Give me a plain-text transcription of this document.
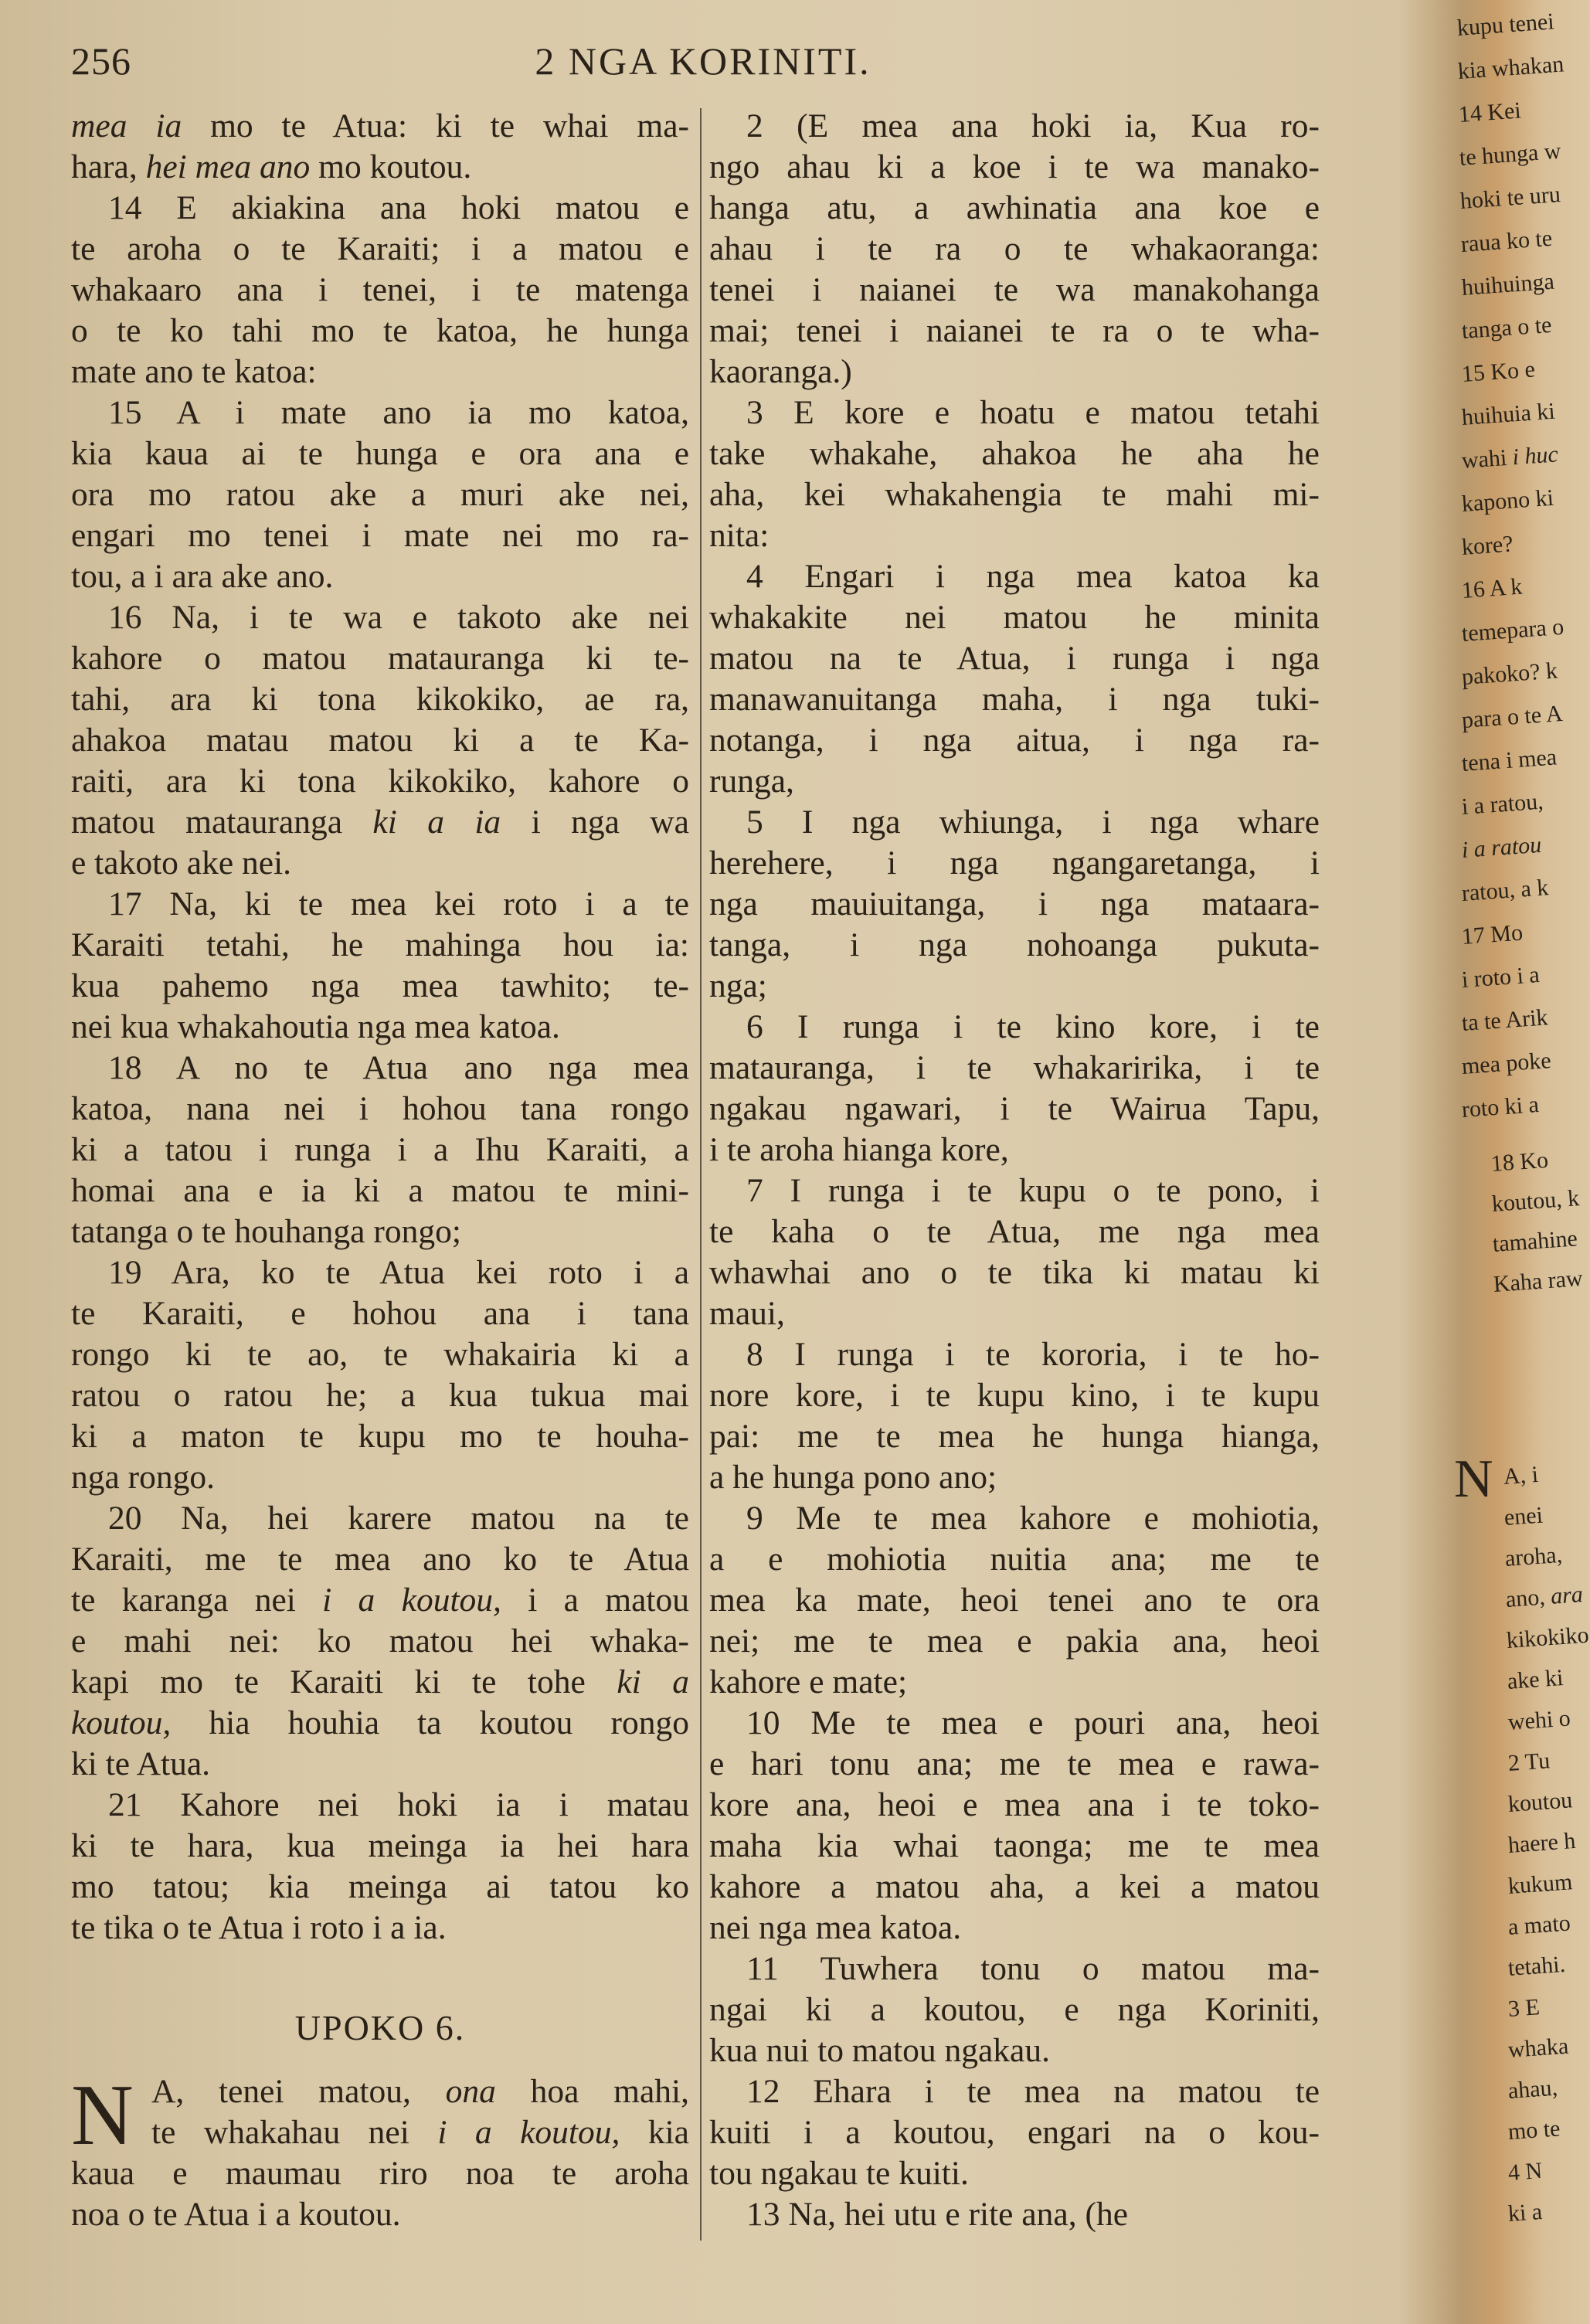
256	2 NGA KORINITI.
mea ia mo te Atua: ki te whai ma-
hara, hei mea ano mo koutou.
14 E akiakina ana hoki matou e
te aroha o te Karaiti; i a matou e
whakaaro ana i tenei, i te matenga
o te ko tahi mo te katoa, he hunga
mate ano te katoa:
15 A i mate ano ia mo katoa,
kia kaua ai te hunga e ora ana e
ora mo ratou ake a muri ake nei,
engari mo tenei i mate nei mo ra-
tou, a i ara ake ano.
16 Na, i te wa e takoto ake nei
kahore o matou matauranga ki te-
tahi, ara ki tona kikokiko, ae ra,
ahakoa matau matou ki a te Ka-
raiti, ara ki tona kikokiko, kahore o
matou matauranga ki a ia i nga wa
e takoto ake nei.
17 Na, ki te mea kei roto i a te
Karaiti tetahi, he mahinga hou ia:
kua pahemo nga mea tawhito; te-
nei kua whakahoutia nga mea katoa.
18 A no te Atua ano nga mea
katoa, nana nei i hohou tana rongo
ki a tatou i runga i a Ihu Karaiti, a
homai ana e ia ki a matou te mini-
tatanga o te houhanga rongo;
19 Ara, ko te Atua kei roto i a
te Karaiti, e hohou ana i tana
rongo ki te ao, te whakairia ki a
ratou o ratou he; a kua tukua mai
ki a maton te kupu mo te houha-
nga rongo.
20 Na, hei karere matou na te
Karaiti, me te mea ano ko te Atua
te karanga nei i a koutou, i a matou
e mahi nei: ko matou hei whaka-
kapi mo te Karaiti ki te tohe ki a
koutou, hia houhia ta koutou rongo
ki te Atua.
21 Kahore nei hoki ia i matau
ki te hara, kua meinga ia hei hara
mo tatou; kia meinga ai tatou ko
te tika o te Atua i roto i a ia.
A, tenei matou, ona hoa mahi,
te whakahau nei i a koutou, kia
kaua e maumau riro noa te aroha
noa o te Atua i a koutou.
2 (E mea ana hoki ia, Kua ro-
ngo ahau ki a koe i te wa manako-
hanga atu, a awhinatia ana koe e
ahau i te ra o te whakaoranga:
tenei i naianei te wa manakohanga
mai; tenei i naianei te ra o te wha-
kaoranga.)
3 E kore e hoatu e matou tetahi
take whakahe, ahakoa he aha he
aha, kei whakahengia te mahi mi-
nita:
4 Engari i nga mea katoa ka
whakakite nei matou he minita
matou na te Atua, i runga i nga
manawanuitanga maha, i nga tuki-
notanga, i nga aitua, i nga ra-
runga,
5 I nga whiunga, i nga whare
herehere, i nga ngangaretanga, i
nga mauiuitanga, i nga mataara-
tanga, i nga nohoanga pukuta-
nga;
6 I runga i te kino kore, i te
matauranga, i te whakaririka, i te
ngakau ngawari, i te Wairua Tapu,
i te aroha hianga kore,
7 I runga i te kupu o te pono, i
te kaha o te Atua, me nga mea
whawhai ano o te tika ki matau ki
maui,
8 I runga i te kororia, i te ho-
nore kore, i te kupu kino, i te kupu
pai: me te mea he hunga hianga,
a he hunga pono ano;
9 Me te mea kahore e mohiotia,
a e mohiotia nuitia ana; me te
mea ka mate, heoi tenei ano te ora
nei; me te mea e pakia ana, heoi
kahore e mate;
10 Me te mea e pouri ana, heoi
e hari tonu ana; me te mea e rawa-
kore ana, heoi e mea ana i te toko-
maha kia whai taonga; me te mea
kahore a matou aha, a kei a matou
nei nga mea katoa.
11 Tuwhera tonu o matou ma-
ngai ki a koutou, e nga Koriniti,
kua nui to matou ngakau.
12 Ehara i te mea na matou te
kuiti i a koutou, engari na o kou-
tou ngakau te kuiti.
13 Na, hei utu e rite ana, (he
UPOKO 6.
N
N
kupu tenei
kia whakan
14 Kei
te hunga w
hoki te uru
raua ko te
huihuinga
tanga o te
15 Ko e
huihuia ki
wahi i huc
kapono ki
kore?
16 A k
temepara o
pakoko? k
para o te A
tena i mea
i a ratou,
i a ratou
ratou, a k
17 Mo
i roto i a
ta te Arik
mea poke
roto ki a
18 Ko
koutou, k
tamahine
Kaha raw
A, i
enei
aroha,
ano, ara
kikokiko
ake ki
wehi o
2 Tu
koutou
haere h
kukum
a mato
tetahi.
3 E
whaka
ahau,
mo te
4 N
ki a
